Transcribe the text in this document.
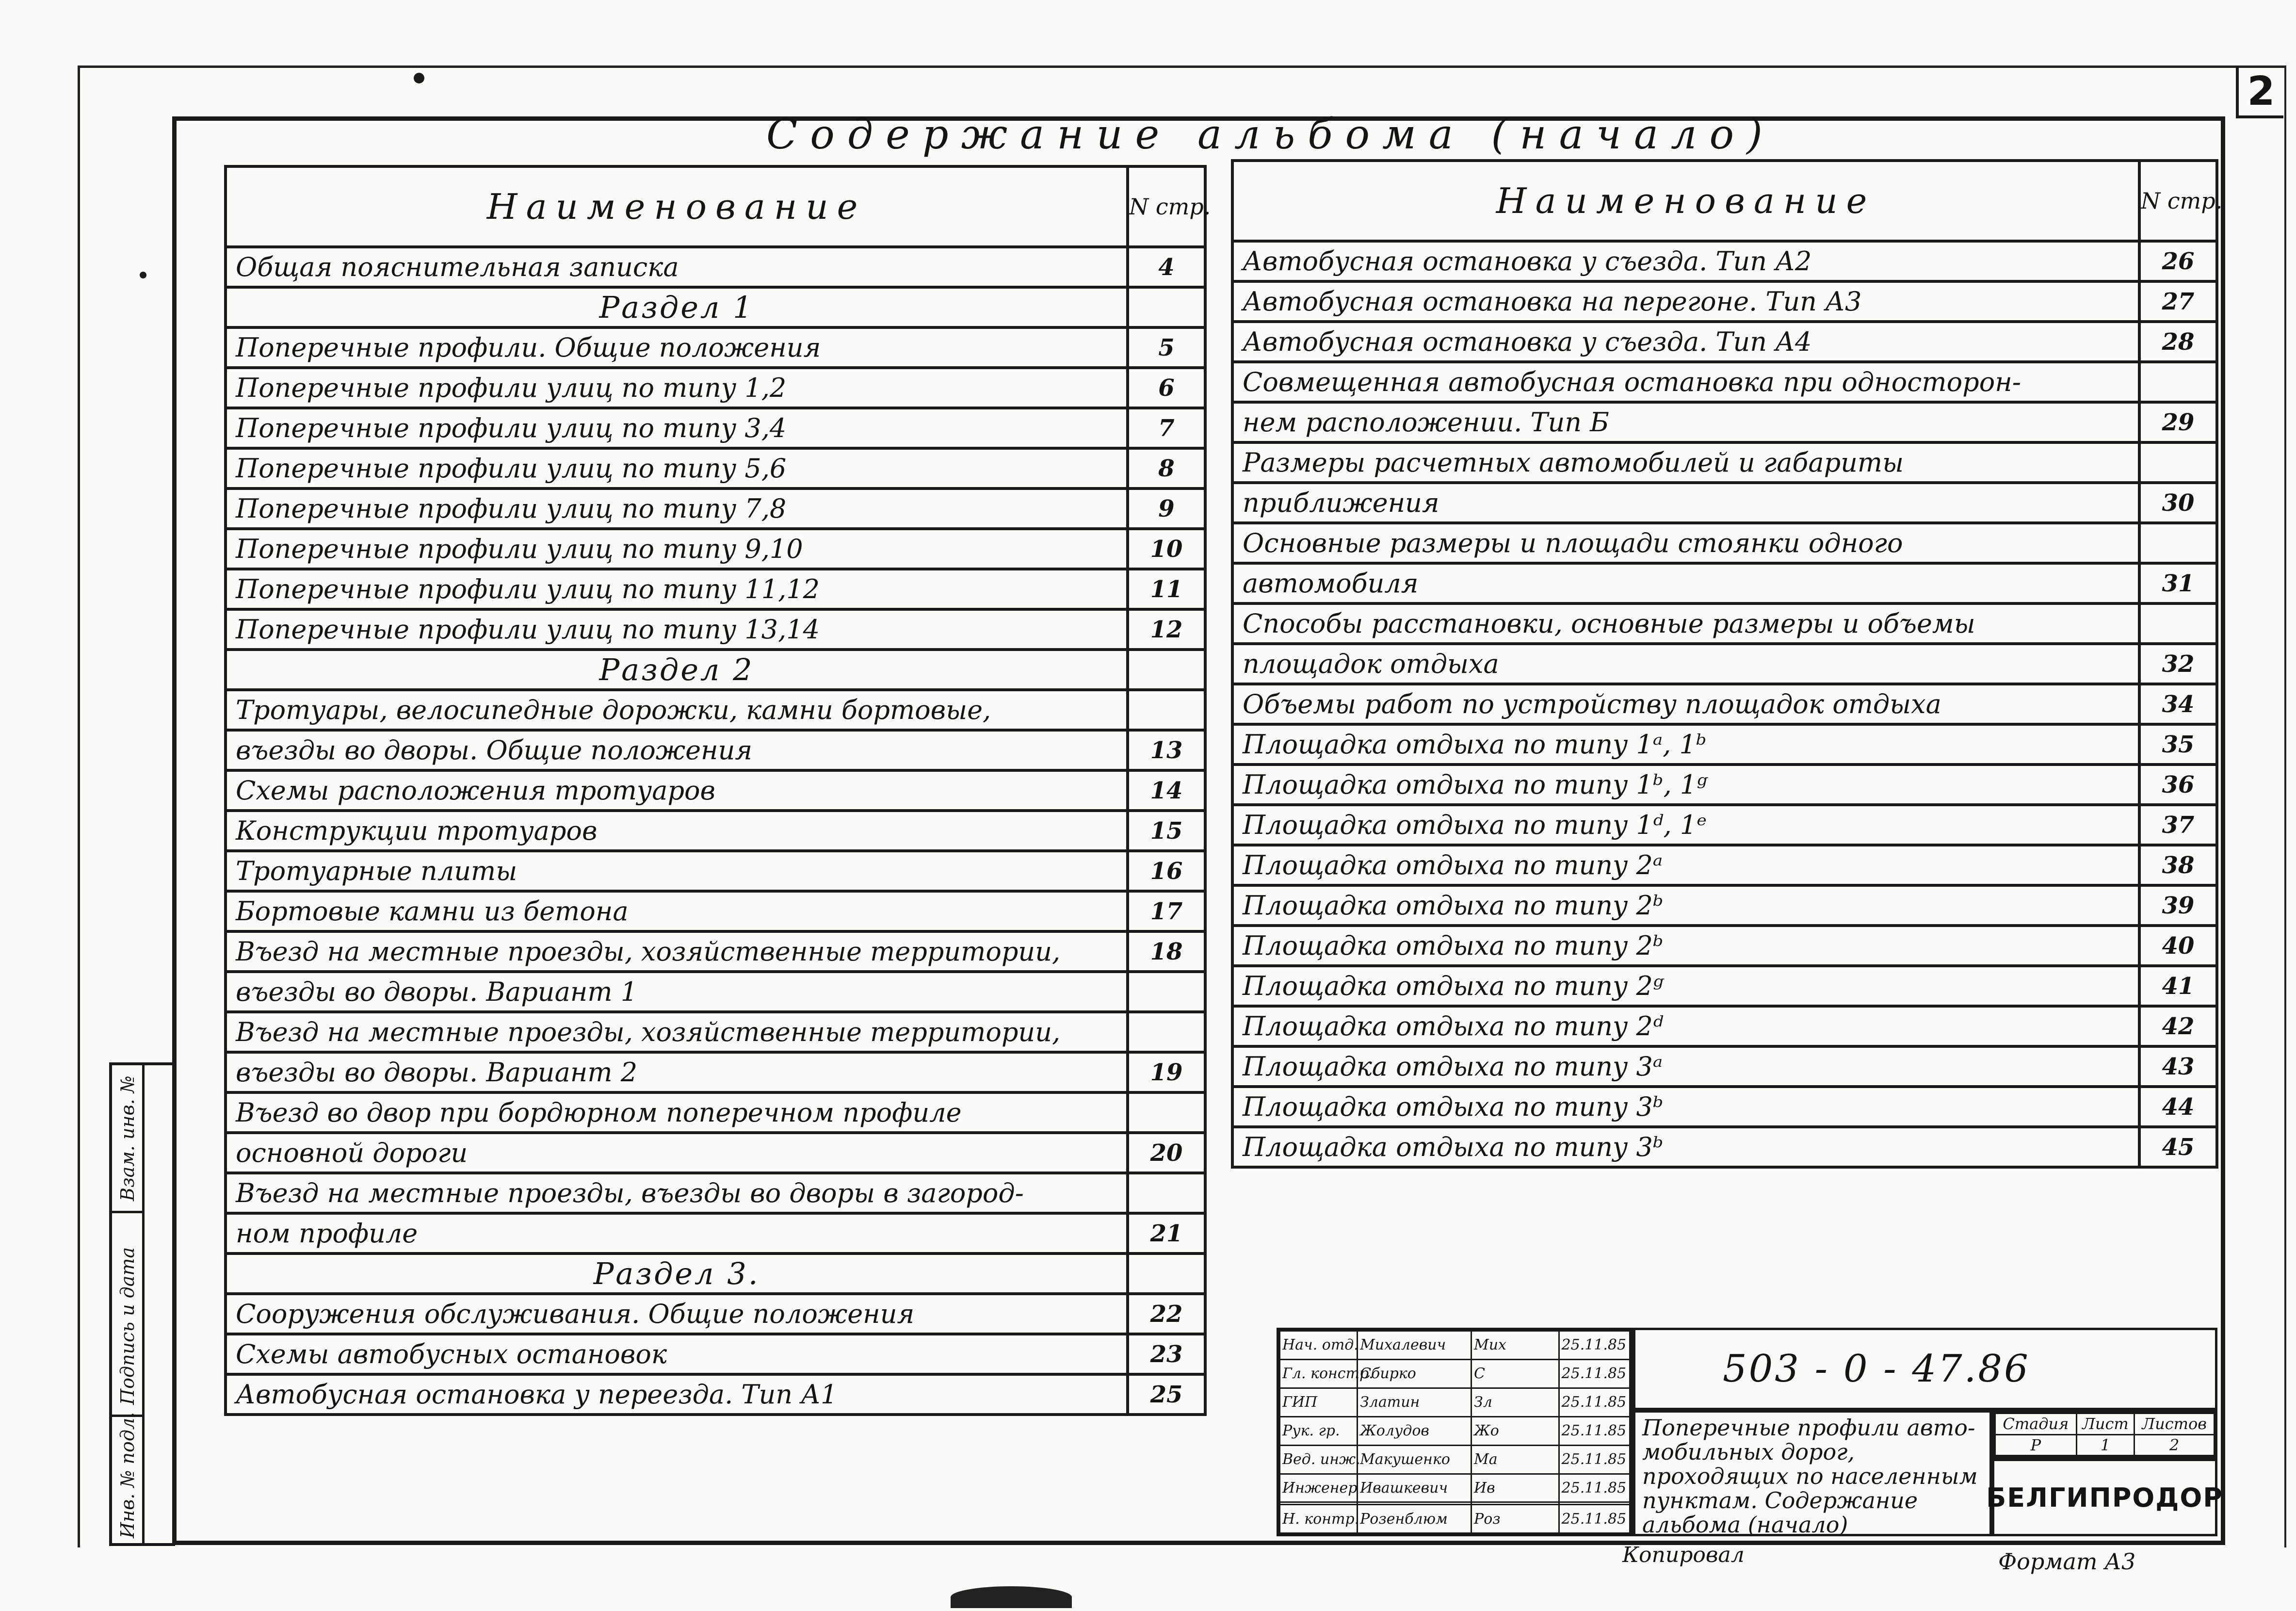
2
Содержание альбома (начало)
Взам. инв. №
Подпись и дата
Инв. № подл.
Наименование	N стр.
Общая пояснительная записка	4
Раздел 1	
Поперечные профили. Общие положения	5
Поперечные профили улиц по типу 1,2	6
Поперечные профили улиц по типу 3,4	7
Поперечные профили улиц по типу 5,6	8
Поперечные профили улиц по типу 7,8	9
Поперечные профили улиц по типу 9,10	10
Поперечные профили улиц по типу 11,12	11
Поперечные профили улиц по типу 13,14	12
Раздел 2	
Тротуары, велосипедные дорожки, камни бортовые,	
въезды во дворы. Общие положения	13
Схемы расположения тротуаров	14
Конструкции тротуаров	15
Тротуарные плиты	16
Бортовые камни из бетона	17
Въезд на местные проезды, хозяйственные территории,	18
въезды во дворы. Вариант 1	
Въезд на местные проезды, хозяйственные территории,	
въезды во дворы. Вариант 2	19
Въезд во двор при бордюрном поперечном профиле	
основной дороги	20
Въезд на местные проезды, въезды во дворы в загород-	
ном профиле	21
Раздел 3.	
Сооружения обслуживания. Общие положения	22
Схемы автобусных остановок	23
Автобусная остановка у переезда. Тип А1	25
Наименование	N стр.
Автобусная остановка у съезда. Тип А2	26
Автобусная остановка на перегоне. Тип А3	27
Автобусная остановка у съезда. Тип А4	28
Совмещенная автобусная остановка при односторон-	
нем расположении. Тип Б	29
Размеры расчетных автомобилей и габариты	
приближения	30
Основные размеры и площади стоянки одного	
автомобиля	31
Способы расстановки, основные размеры и объемы	
площадок отдыха	32
Объемы работ по устройству площадок отдыха	34
Площадка отдыха по типу 1ᵃ, 1ᵇ	35
Площадка отдыха по типу 1ᵇ, 1ᵍ	36
Площадка отдыха по типу 1ᵈ, 1ᵉ	37
Площадка отдыха по типу 2ᵃ	38
Площадка отдыха по типу 2ᵇ	39
Площадка отдыха по типу 2ᵇ	40
Площадка отдыха по типу 2ᵍ	41
Площадка отдыха по типу 2ᵈ	42
Площадка отдыха по типу 3ᵃ	43
Площадка отдыха по типу 3ᵇ	44
Площадка отдыха по типу 3ᵇ	45
Нач. отд.	Михалевич	Мих	25.11.85
Гл. констр.	Сбирко	С	25.11.85
ГИП	Златин	Зл	25.11.85
Рук. гр.	Жолудов	Жо	25.11.85
Вед. инж.	Макушенко	Ма	25.11.85
Инженер	Ивашкевич	Ив	25.11.85

Н. контр.	Розенблюм	Роз	25.11.85
503 - 0 - 47.86
Поперечные профили авто-мобильных дорог, проходящих по населенным пунктам. Содержание альбома (начало)
Стадия	Лист	Листов
Р	1	2
БЕЛГИПРОДОР
Копировал	Формат А3
